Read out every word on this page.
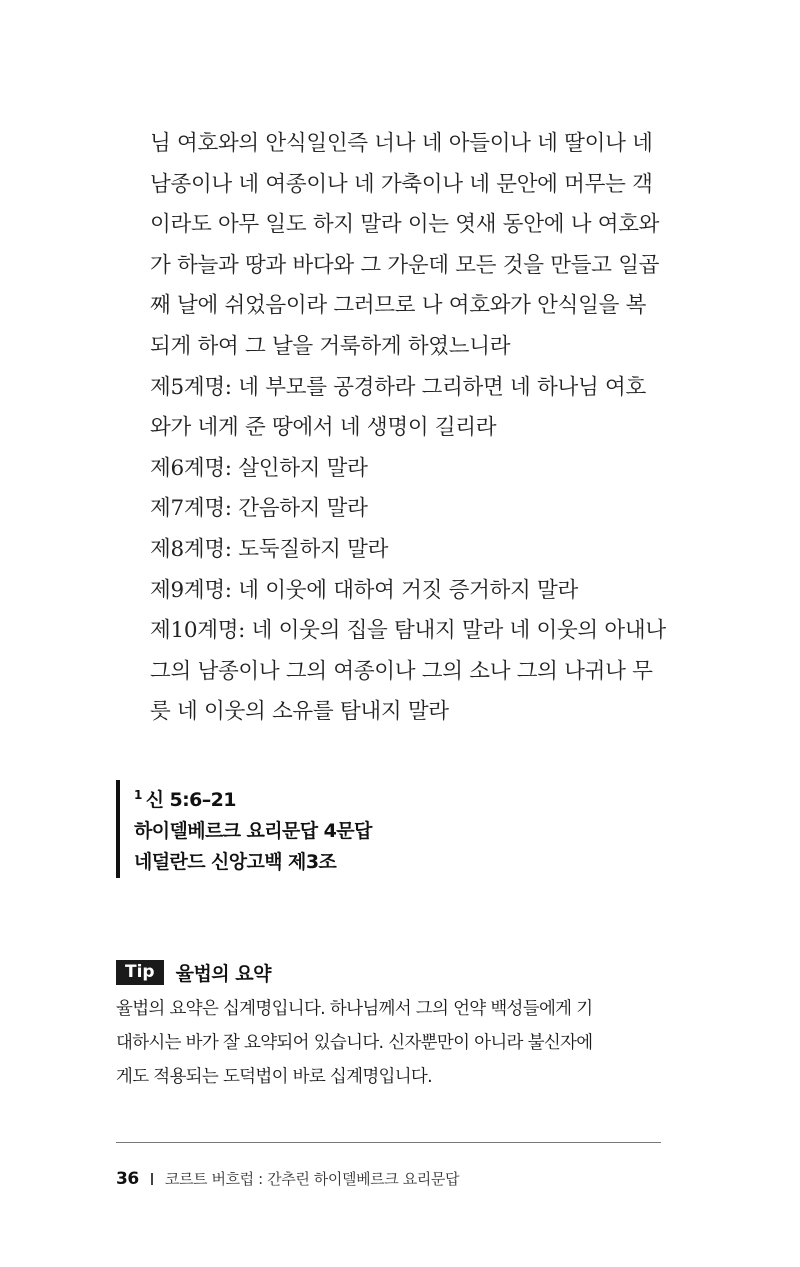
님 여호와의 안식일인즉 너나 네 아들이나 네 딸이나 네
남종이나 네 여종이나 네 가축이나 네 문안에 머무는 객
이라도 아무 일도 하지 말라 이는 엿새 동안에 나 여호와
가 하늘과 땅과 바다와 그 가운데 모든 것을 만들고 일곱
째 날에 쉬었음이라 그러므로 나 여호와가 안식일을 복
되게 하여 그 날을 거룩하게 하였느니라
제5계명: 네 부모를 공경하라 그리하면 네 하나님 여호
와가 네게 준 땅에서 네 생명이 길리라
제6계명: 살인하지 말라
제7계명: 간음하지 말라
제8계명: 도둑질하지 말라
제9계명: 네 이웃에 대하여 거짓 증거하지 말라
제10계명: 네 이웃의 집을 탐내지 말라 네 이웃의 아내나
그의 남종이나 그의 여종이나 그의 소나 그의 나귀나 무
릇 네 이웃의 소유를 탐내지 말라
$^1$ 신 5:6–21
하이델베르크 요리문답 4문답
네덜란드 신앙고백 제3조
Tip	율법의 요약
율법의 요약은 십계명입니다. 하나님께서 그의 언약 백성들에게 기
대하시는 바가 잘 요약되어 있습니다. 신자뿐만이 아니라 불신자에
게도 적용되는 도덕법이 바로 십계명입니다.
36 코르트 버흐럽 : 간추린 하이델베르크 요리문답
